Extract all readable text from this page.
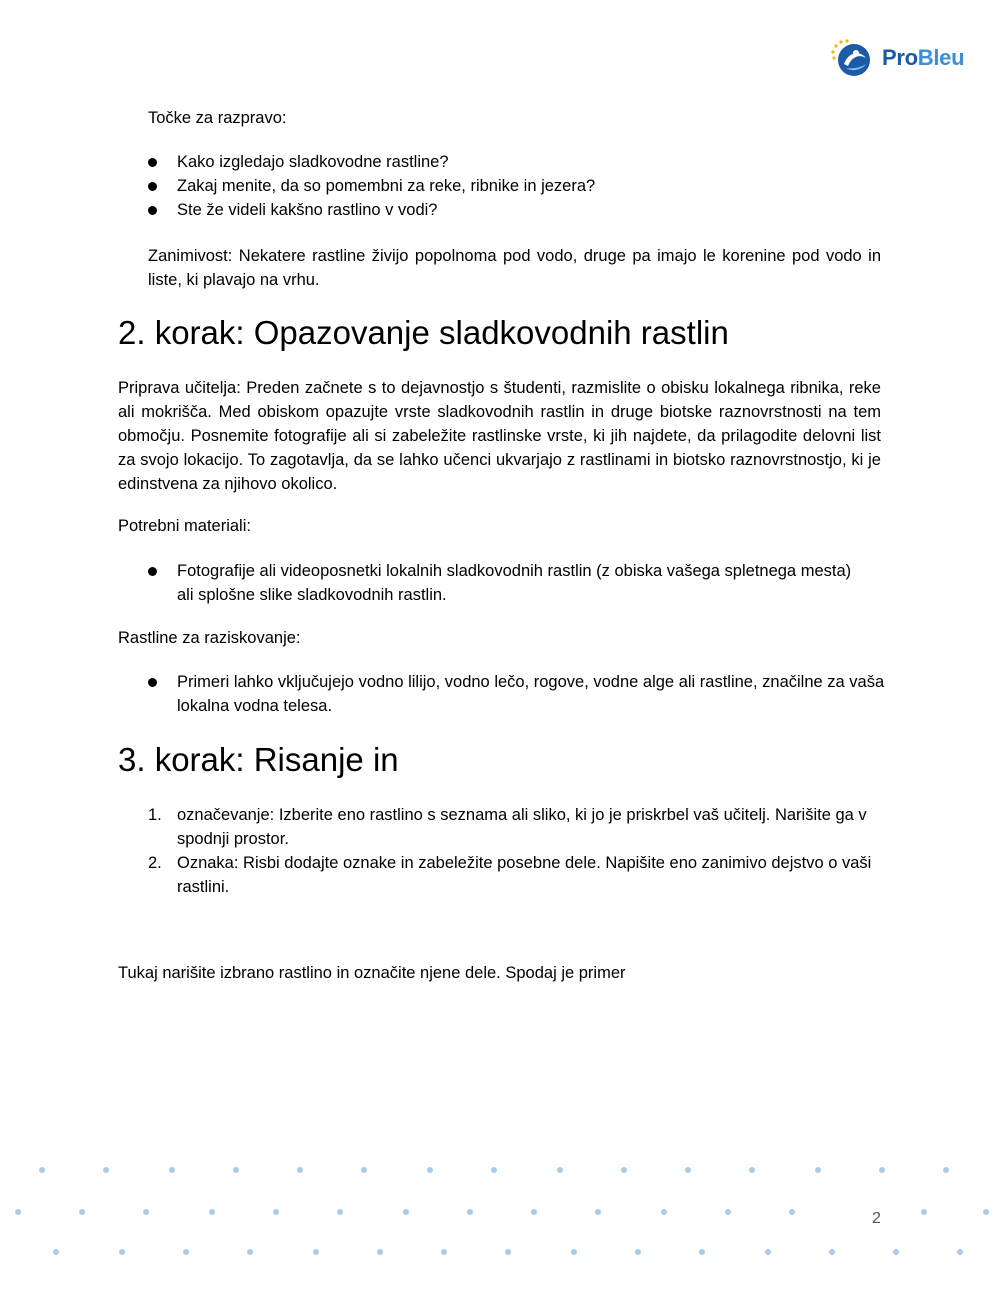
ProBleu
Točke za razpravo:
Kako izgledajo sladkovodne rastline?
Zakaj menite, da so pomembni za reke, ribnike in jezera?
Ste že videli kakšno rastlino v vodi?
Zanimivost: Nekatere rastline živijo popolnoma pod vodo, druge pa imajo le korenine pod vodo in liste, ki plavajo na vrhu.
2. korak: Opazovanje sladkovodnih rastlin
Priprava učitelja: Preden začnete s to dejavnostjo s študenti, razmislite o obisku lokalnega ribnika, reke ali mokrišča. Med obiskom opazujte vrste sladkovodnih rastlin in druge biotske raznovrstnosti na tem območju. Posnemite fotografije ali si zabeležite rastlinske vrste, ki jih najdete, da prilagodite delovni list za svojo lokacijo. To zagotavlja, da se lahko učenci ukvarjajo z rastlinami in biotsko raznovrstnostjo, ki je edinstvena za njihovo okolico.
Potrebni materiali:
Fotografije ali videoposnetki lokalnih sladkovodnih rastlin (z obiska vašega spletnega mesta) ali splošne slike sladkovodnih rastlin.
Rastline za raziskovanje:
Primeri lahko vključujejo vodno lilijo, vodno lečo, rogove, vodne alge ali rastline, značilne za vaša lokalna vodna telesa.
3. korak: Risanje in
1. označevanje: Izberite eno rastlino s seznama ali sliko, ki jo je priskrbel vaš učitelj. Narišite ga v spodnji prostor.
2. Oznaka: Risbi dodajte oznake in zabeležite posebne dele. Napišite eno zanimivo dejstvo o vaši rastlini.
Tukaj narišite izbrano rastlino in označite njene dele. Spodaj je primer
2
